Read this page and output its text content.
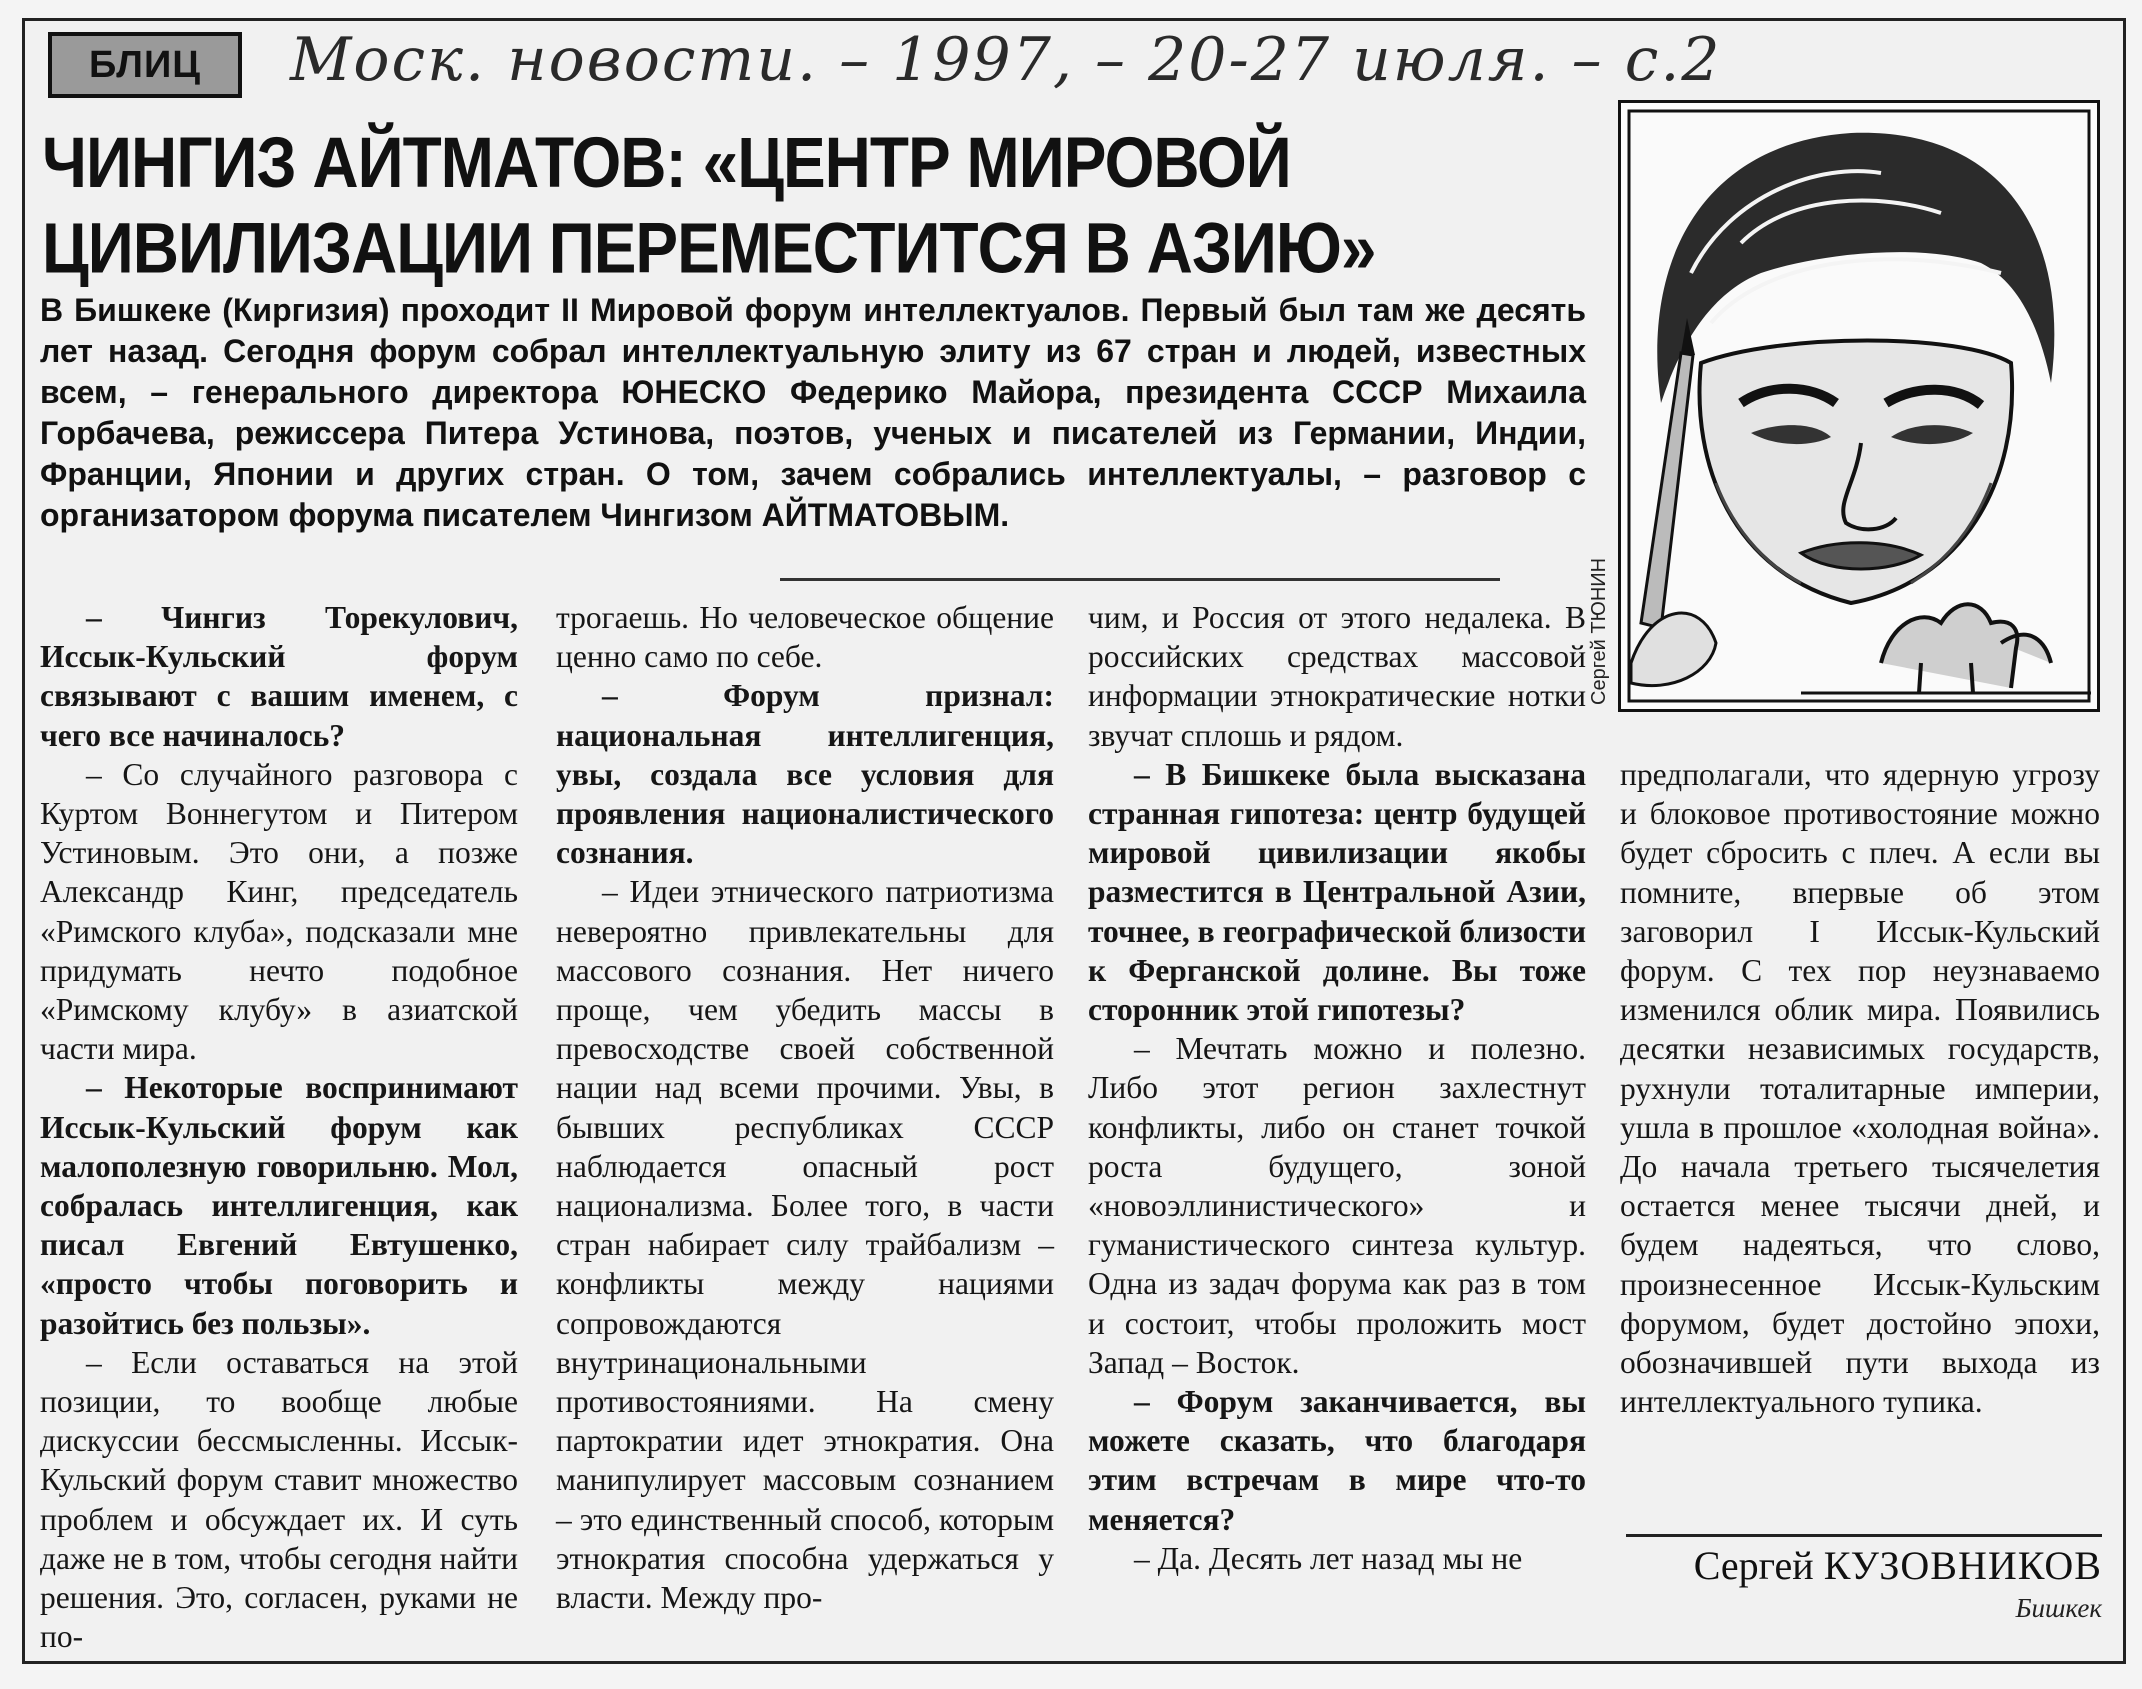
БЛИЦ	Моск. новости. – 1997, – 20-27 июля. – с.2
ЧИНГИЗ АЙТМАТОВ: «ЦЕНТР МИРОВОЙ ЦИВИЛИЗАЦИИ ПЕРЕМЕСТИТСЯ В АЗИЮ»
В Бишкеке (Киргизия) проходит II Мировой форум интеллектуалов. Первый был там же десять лет назад. Сегодня форум собрал интеллектуальную элиту из 67 стран и людей, известных всем, – генерального директора ЮНЕСКО Федерико Майора, президента СССР Михаила Горбачева, режиссера Питера Устинова, поэтов, ученых и писателей из Германии, Индии, Франции, Японии и других стран. О том, зачем собрались интеллектуалы, – разговор с организатором форума писателем Чингизом АЙТМАТОВЫМ.
Сергей ТЮНИН

– Чингиз Торекулович, Иссык-Кульский форум связывают с вашим именем, с чего все начиналось?

– Со случайного разговора с Куртом Воннегутом и Питером Устиновым. Это они, а позже Александр Кинг, председатель «Римского клуба», подсказали мне придумать нечто подобное «Римскому клубу» в азиатской части мира.

– Некоторые воспринимают Иссык-Кульский форум как малополезную говорильню. Мол, собралась интеллигенция, как писал Евгений Евтушенко, «просто чтобы поговорить и разойтись без пользы».

– Если оставаться на этой позиции, то вообще любые дискуссии бессмысленны. Иссык-Кульский форум ставит множество проблем и обсуждает их. И суть даже не в том, чтобы сегодня найти решения. Это, согласен, руками не по-

трогаешь. Но человеческое общение ценно само по себе.

– Форум признал: национальная интеллигенция, увы, создала все условия для проявления националистического сознания.

– Идеи этнического патриотизма невероятно привлекательны для массового сознания. Нет ничего проще, чем убедить массы в превосходстве своей собственной нации над всеми прочими. Увы, в бывших республиках СССР наблюдается опасный рост национализма. Более того, в части стран набирает силу трайбализм – конфликты между нациями сопровождаются внутринациональными противостояниями. На смену партократии идет этнократия. Она манипулирует массовым сознанием – это единственный способ, которым этнократия способна удержаться у власти. Между про-

чим, и Россия от этого недалека. В российских средствах массовой информации этнократические нотки звучат сплошь и рядом.

– В Бишкеке была высказана странная гипотеза: центр будущей мировой цивилизации якобы разместится в Центральной Азии, точнее, в географической близости к Ферганской долине. Вы тоже сторонник этой гипотезы?

– Мечтать можно и полезно. Либо этот регион захлестнут конфликты, либо он станет точкой роста будущего, зоной «новоэллинистического» и гуманистического синтеза культур. Одна из задач форума как раз в том и состоит, чтобы проложить мост Запад – Восток.

– Форум заканчивается, вы можете сказать, что благодаря этим встречам в мире что-то меняется?

– Да. Десять лет назад мы не

предполагали, что ядерную угрозу и блоковое противостояние можно будет сбросить с плеч. А если вы помните, впервые об этом заговорил I Иссык-Кульский форум. С тех пор неузнаваемо изменился облик мира. Появились десятки независимых государств, рухнули тоталитарные империи, ушла в прошлое «холодная война». До начала третьего тысячелетия остается менее тысячи дней, и будем надеяться, что слово, произнесенное Иссык-Кульским форумом, будет достойно эпохи, обозначившей пути выхода из интеллектуального тупика.

Сергей КУЗОВНИКОВ
Бишкек
